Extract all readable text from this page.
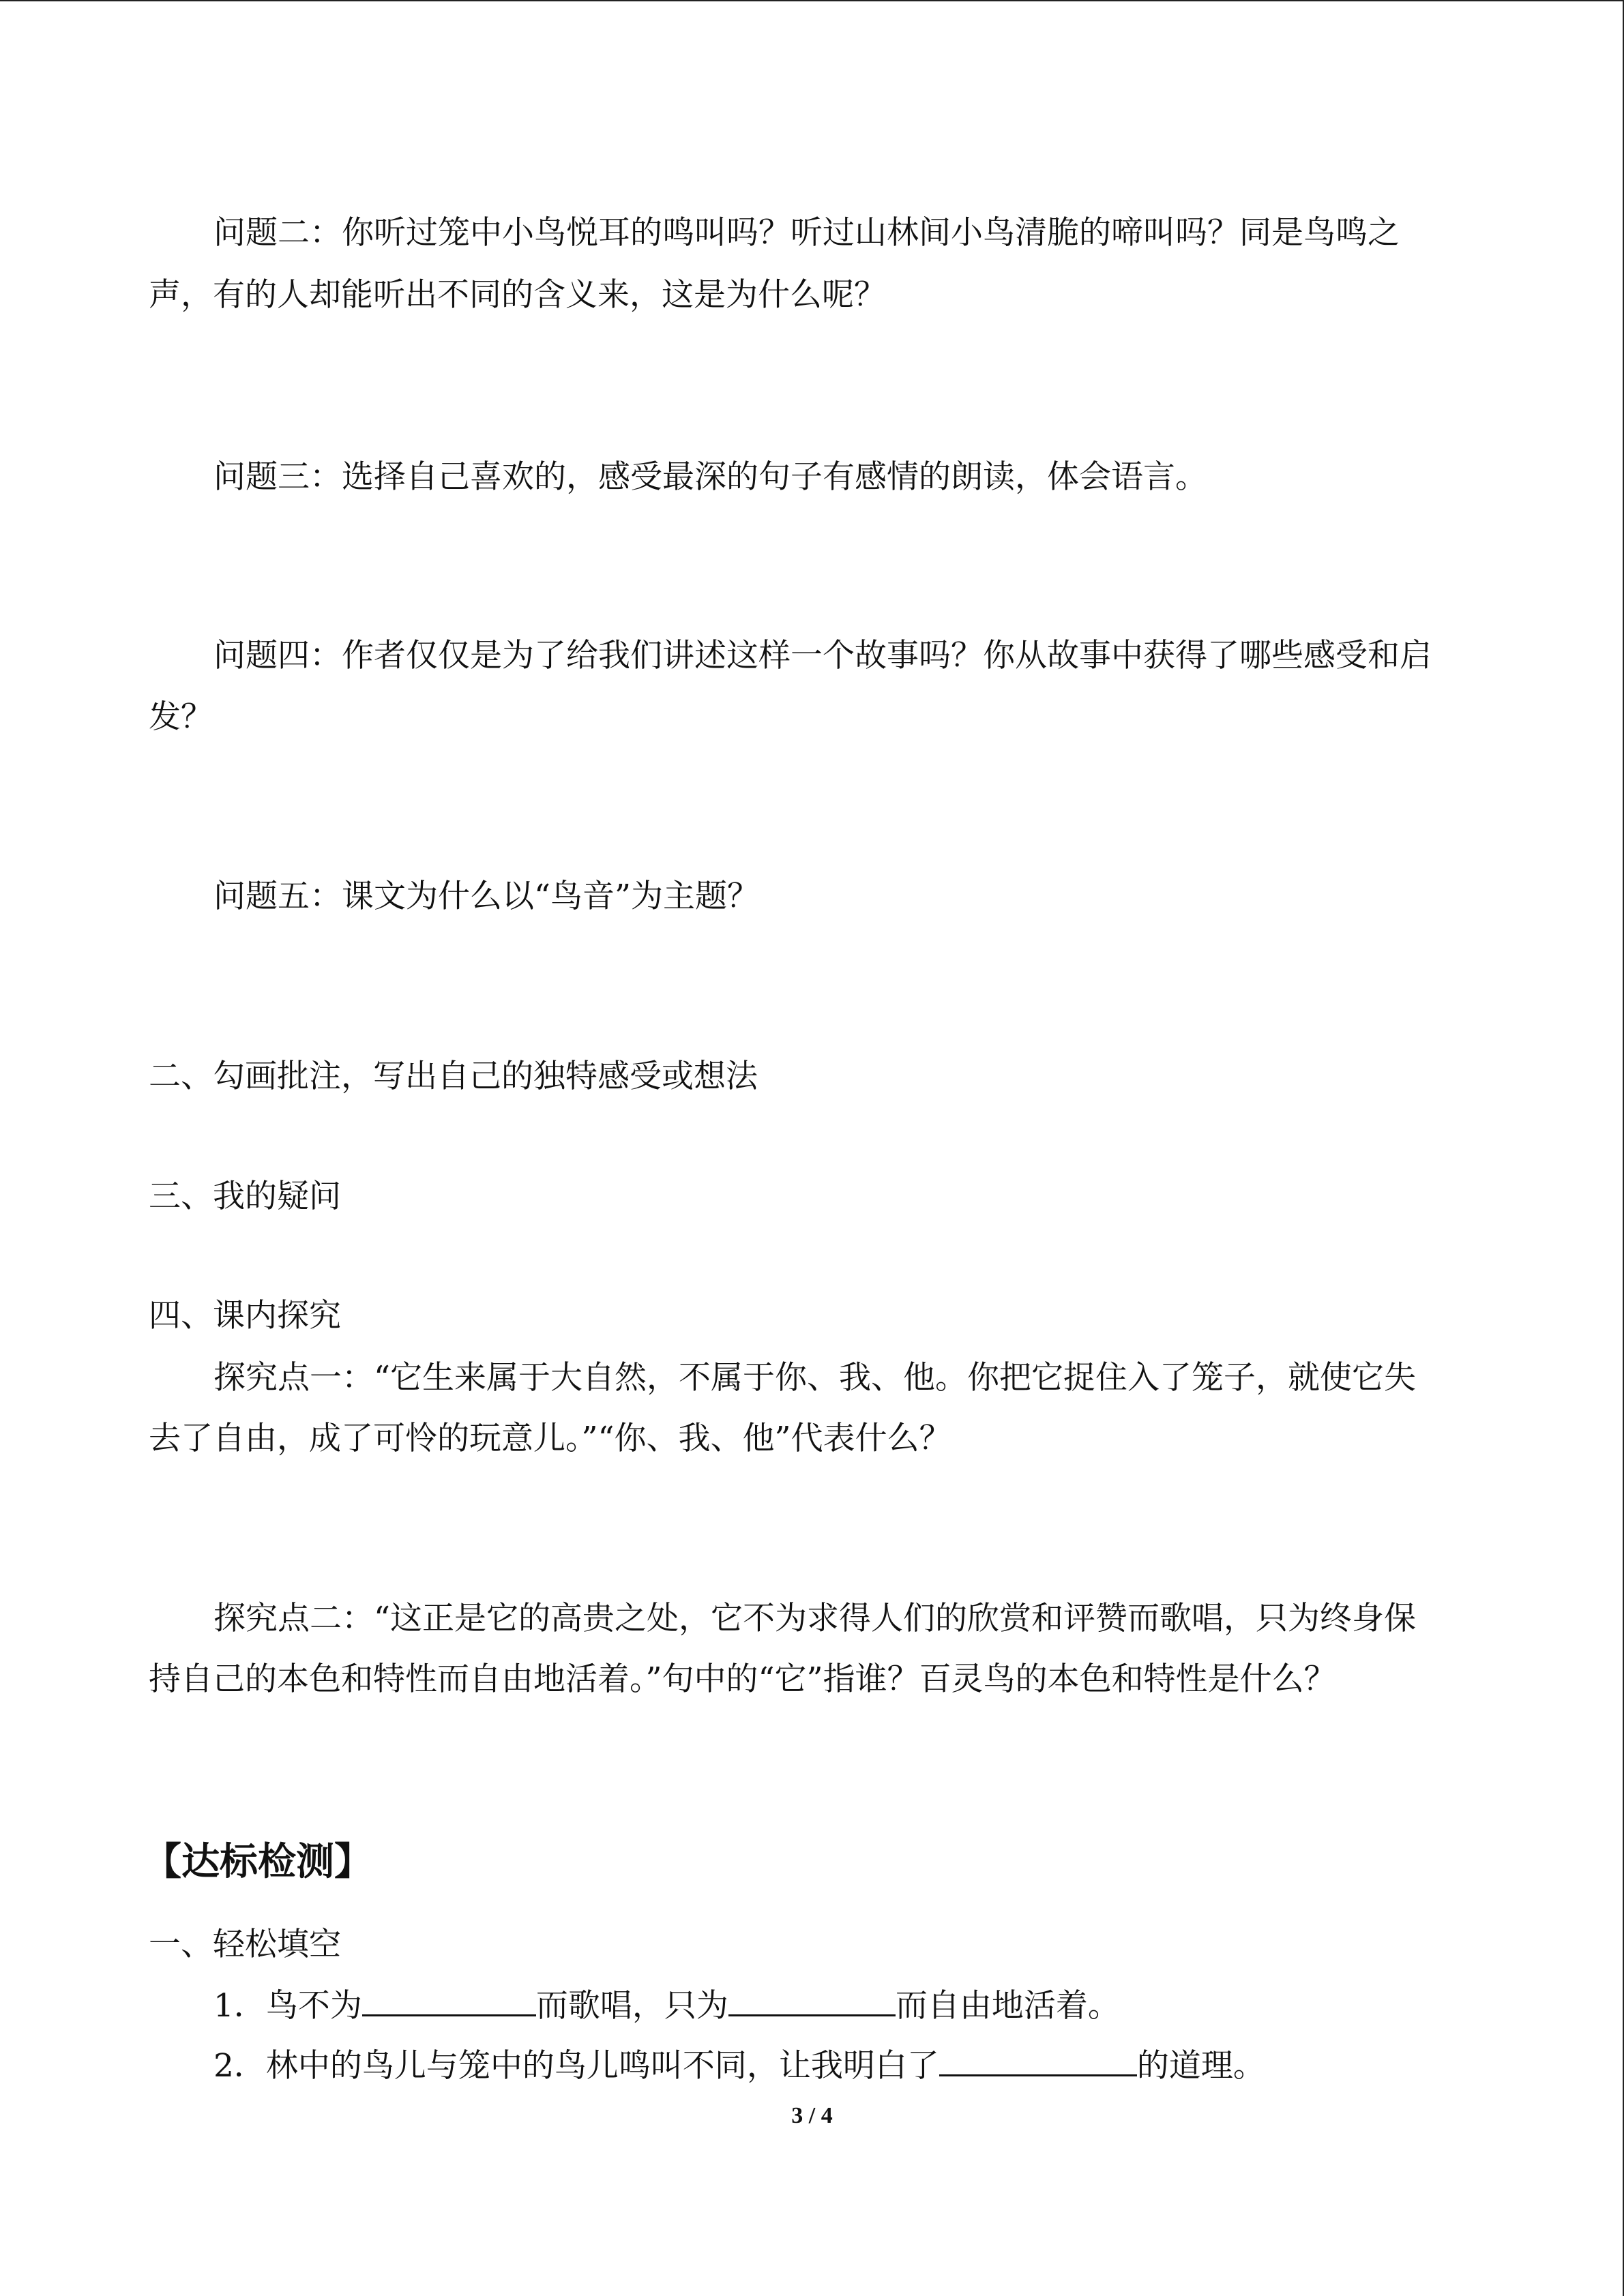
问题二：你听过笼中小鸟悦耳的鸣叫吗？听过山林间小鸟清脆的啼叫吗？同是鸟鸣之
声，有的人却能听出不同的含义来，这是为什么呢？
问题三：选择自己喜欢的，感受最深的句子有感情的朗读，体会语言。
问题四：作者仅仅是为了给我们讲述这样一个故事吗？你从故事中获得了哪些感受和启
发？
问题五：课文为什么以“鸟音”为主题？
二、勾画批注，写出自己的独特感受或想法
三、我的疑问
四、课内探究
探究点一：“它生来属于大自然，不属于你、我、他。你把它捉住入了笼子，就使它失
去了自由，成了可怜的玩意儿。”“你、我、他”代表什么？
探究点二：“这正是它的高贵之处，它不为求得人们的欣赏和评赞而歌唱，只为终身保
持自己的本色和特性而自由地活着。”句中的“它”指谁？百灵鸟的本色和特性是什么？
【达标检测】
一、轻松填空
1．鸟不为	而歌唱，只为	而自由地活着。
2．林中的鸟儿与笼中的鸟儿鸣叫不同，让我明白了	的道理。
3 / 4
